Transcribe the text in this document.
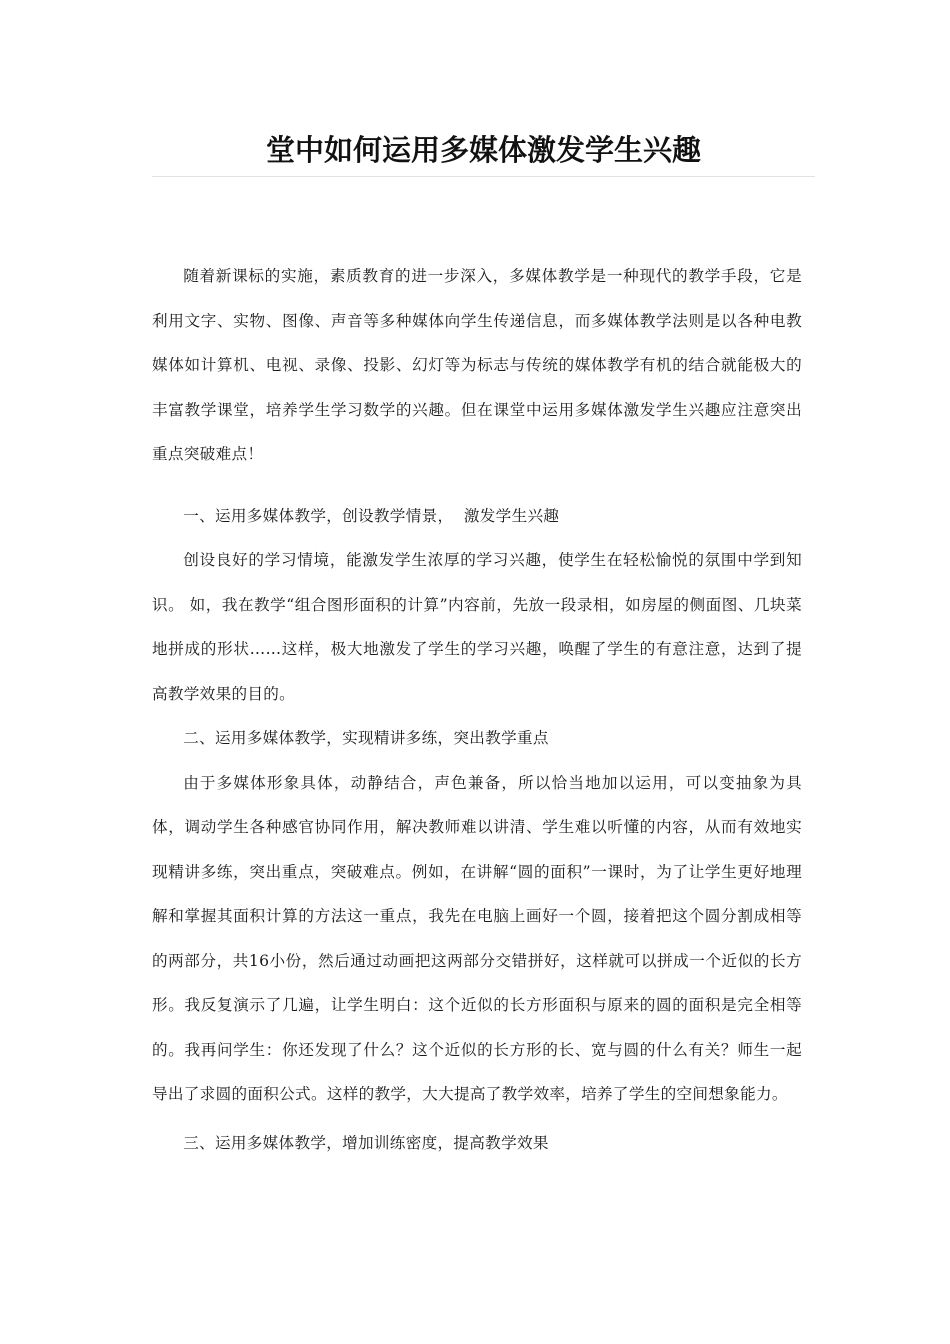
堂中如何运用多媒体激发学生兴趣

随着新课标的实施，素质教育的进一步深入，多媒体教学是一种现代的教学手段，它是利用文字、实物、图像、声音等多种媒体向学生传递信息，而多媒体教学法则是以各种电教媒体如计算机、电视、录像、投影、幻灯等为标志与传统的媒体教学有机的结合就能极大的丰富教学课堂，培养学生学习数学的兴趣。但在课堂中运用多媒体激发学生兴趣应注意突出重点突破难点！

一、运用多媒体教学，创设教学情景，  激发学生兴趣

创设良好的学习情境，能激发学生浓厚的学习兴趣，使学生在轻松愉悦的氛围中学到知识。 如，我在教学“组合图形面积的计算”内容前，先放一段录相，如房屋的侧面图、几块菜地拼成的形状……这样，极大地激发了学生的学习兴趣，唤醒了学生的有意注意，达到了提高教学效果的目的。

二、运用多媒体教学，实现精讲多练，突出教学重点

由于多媒体形象具体，动静结合，声色兼备，所以恰当地加以运用，可以变抽象为具体，调动学生各种感官协同作用，解决教师难以讲清、学生难以听懂的内容，从而有效地实现精讲多练，突出重点，突破难点。例如，在讲解“圆的面积”一课时，为了让学生更好地理解和掌握其面积计算的方法这一重点，我先在电脑上画好一个圆，接着把这个圆分割成相等的两部分，共16小份，然后通过动画把这两部分交错拼好，这样就可以拼成一个近似的长方形。我反复演示了几遍，让学生明白：这个近似的长方形面积与原来的圆的面积是完全相等的。我再问学生：你还发现了什么？这个近似的长方形的长、宽与圆的什么有关？师生一起导出了求圆的面积公式。这样的教学，大大提高了教学效率，培养了学生的空间想象能力。

三、运用多媒体教学，增加训练密度，提高教学效果
